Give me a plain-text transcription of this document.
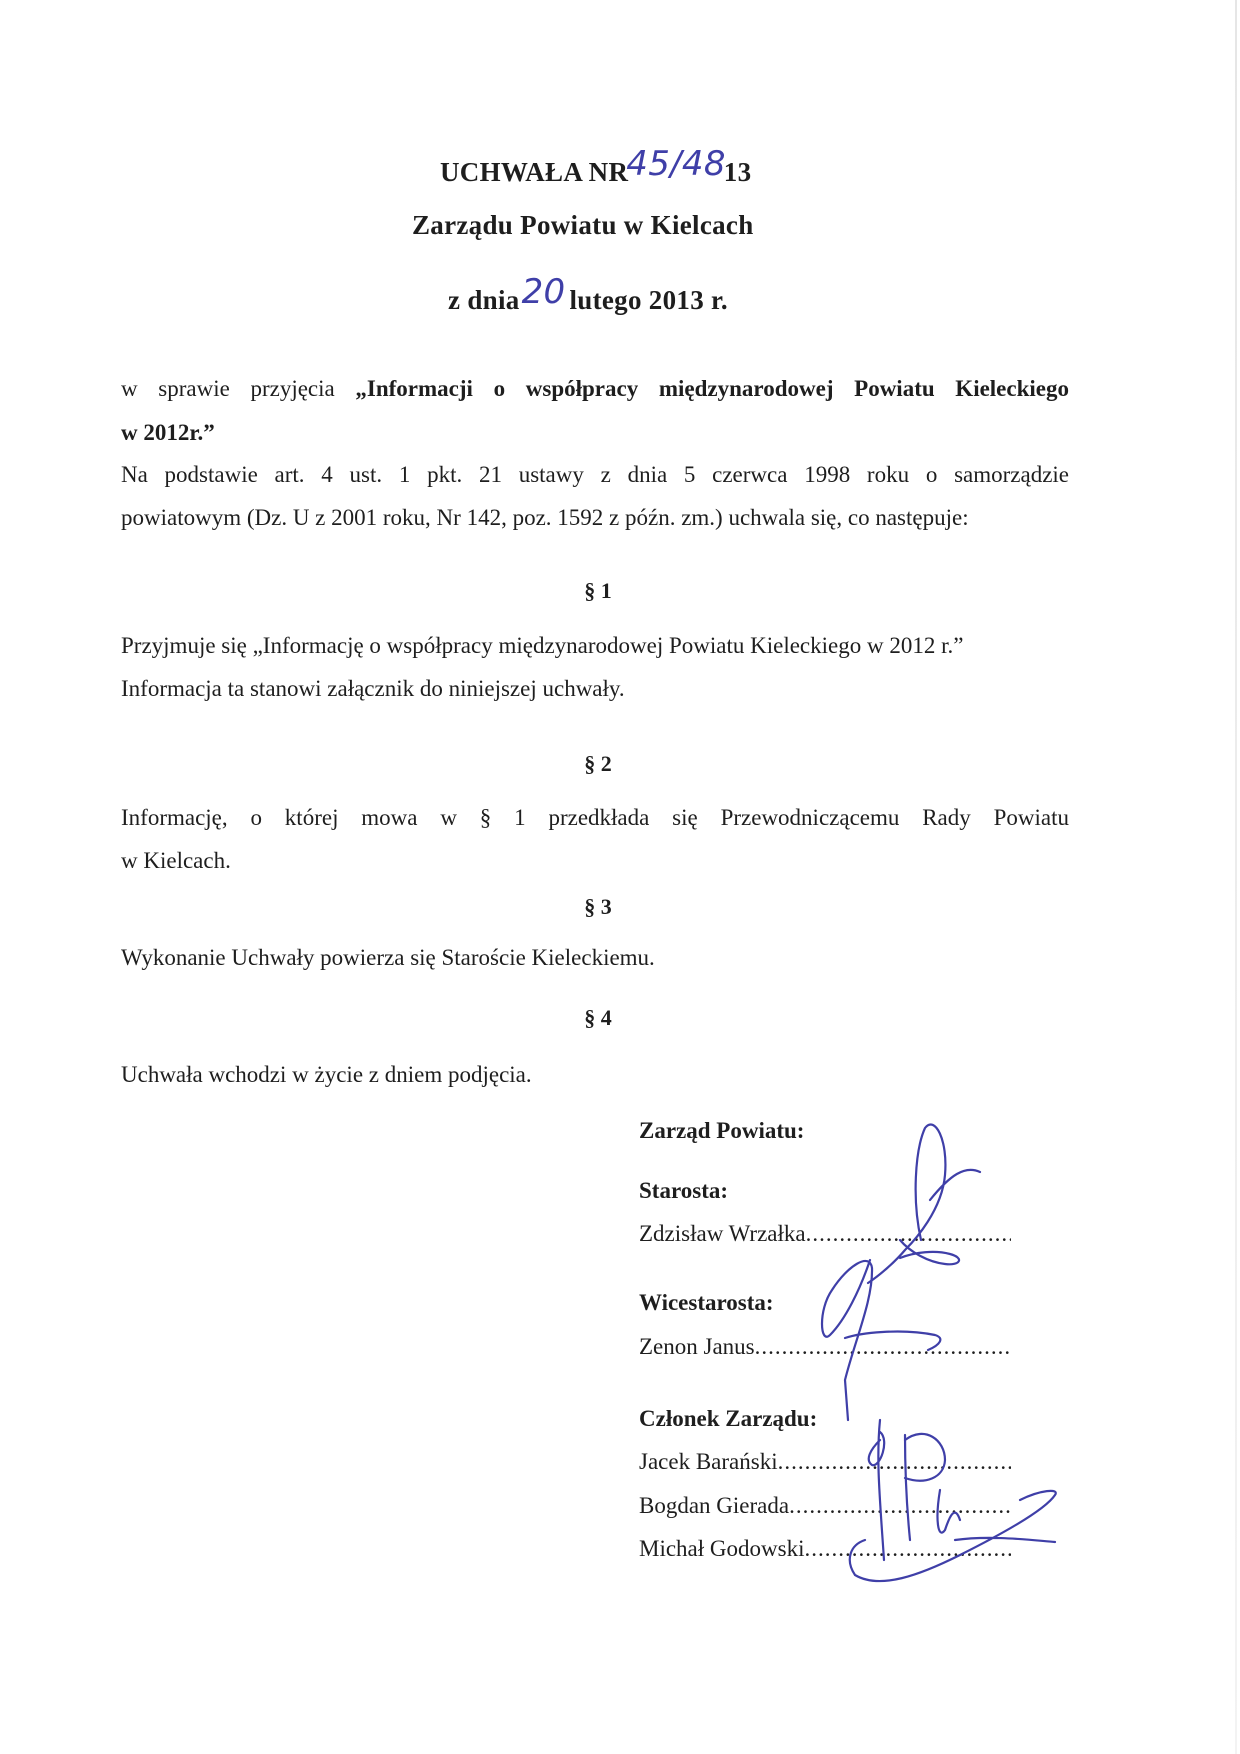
UCHWAŁA NR45/4813
Zarządu Powiatu w Kielcach
z dnia20 lutego 2013 r.
w sprawie przyjęcia „Informacji o współpracy międzynarodowej Powiatu Kieleckiego
w 2012r.”
Na podstawie art. 4 ust. 1 pkt. 21 ustawy z dnia 5 czerwca 1998 roku o samorządzie
powiatowym (Dz. U z 2001 roku, Nr 142, poz. 1592 z późn. zm.) uchwala się, co następuje:
§ 1
Przyjmuje się „Informację o współpracy międzynarodowej Powiatu Kieleckiego w 2012 r.”
Informacja ta stanowi załącznik do niniejszej uchwały.
§ 2
Informację, o której mowa w § 1 przedkłada się Przewodniczącemu Rady Powiatu
w Kielcach.
§ 3
Wykonanie Uchwały powierza się Staroście Kieleckiemu.
§ 4
Uchwała wchodzi w życie z dniem podjęcia.
Zarząd Powiatu:
Starosta:
Zdzisław Wrzałka
.....
Wicestarosta:
Zenon Janus
.....
Członek Zarządu:
Jacek Barański
.....
Bogdan Gierada
.....
Michał Godowski
.....
